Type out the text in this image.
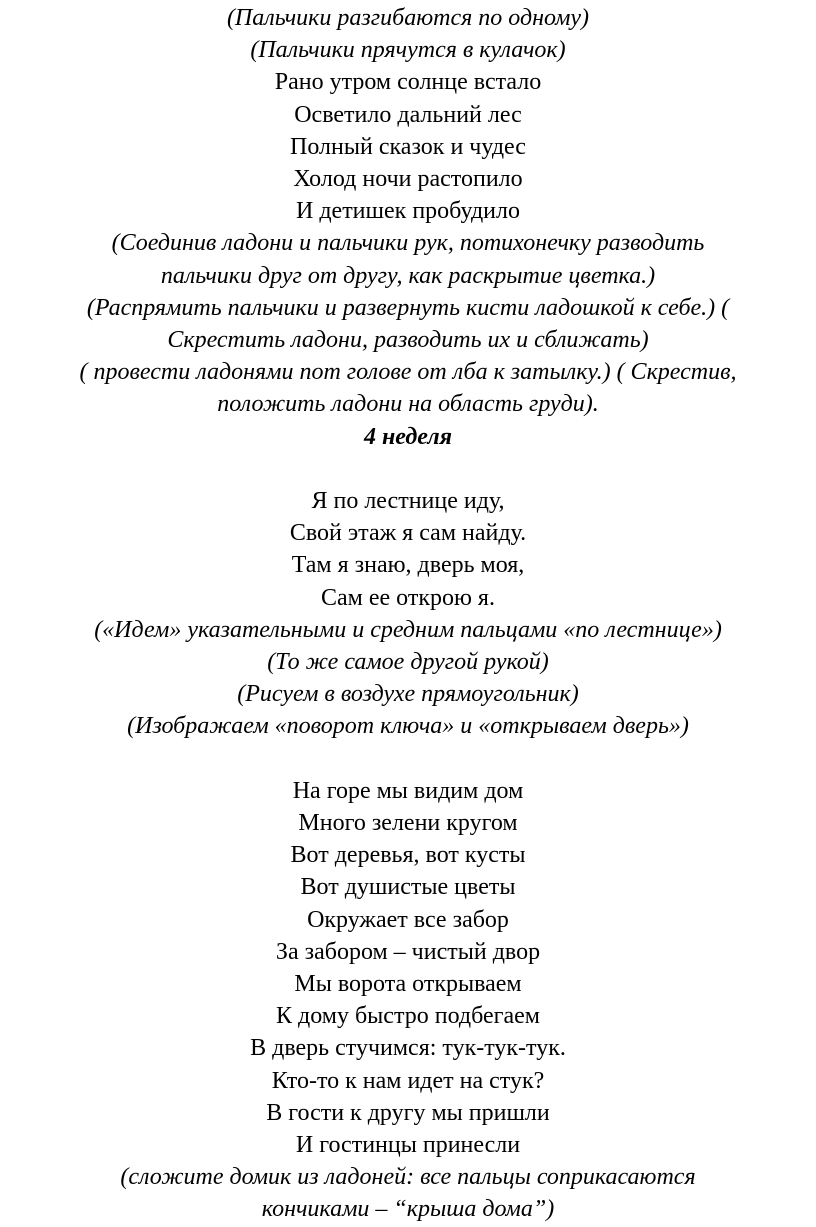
(Пальчики разгибаются по одному)
(Пальчики прячутся в кулачок)
Рано утром солнце встало
Осветило дальний лес
Полный сказок и чудес
Холод ночи растопило
И детишек пробудило
(Соединив ладони и пальчики рук, потихонечку разводить
пальчики друг от другу, как раскрытие цветка.)
(Распрямить пальчики и развернуть кисти ладошкой к себе.) (
Скрестить ладони, разводить их и сближать)
( провести ладонями пот голове от лба к затылку.) ( Скрестив,
положить ладони на область груди).
4 неделя
Я по лестнице иду,
Свой этаж я сам найду.
Там я знаю, дверь моя,
Сам ее открою я.
(«Идем» указательными и средним пальцами «по лестнице»)
(То же самое другой рукой)
(Рисуем в воздухе прямоугольник)
(Изображаем «поворот ключа» и «открываем дверь»)
На горе мы видим дом
Много зелени кругом
Вот деревья, вот кусты
Вот душистые цветы
Окружает все забор
За забором – чистый двор
Мы ворота открываем
К дому быстро подбегаем
В дверь стучимся: тук-тук-тук.
Кто-то к нам идет на стук?
В гости к другу мы пришли
И гостинцы принесли
(сложите домик из ладоней: все пальцы соприкасаются
кончиками – “крыша дома”)
